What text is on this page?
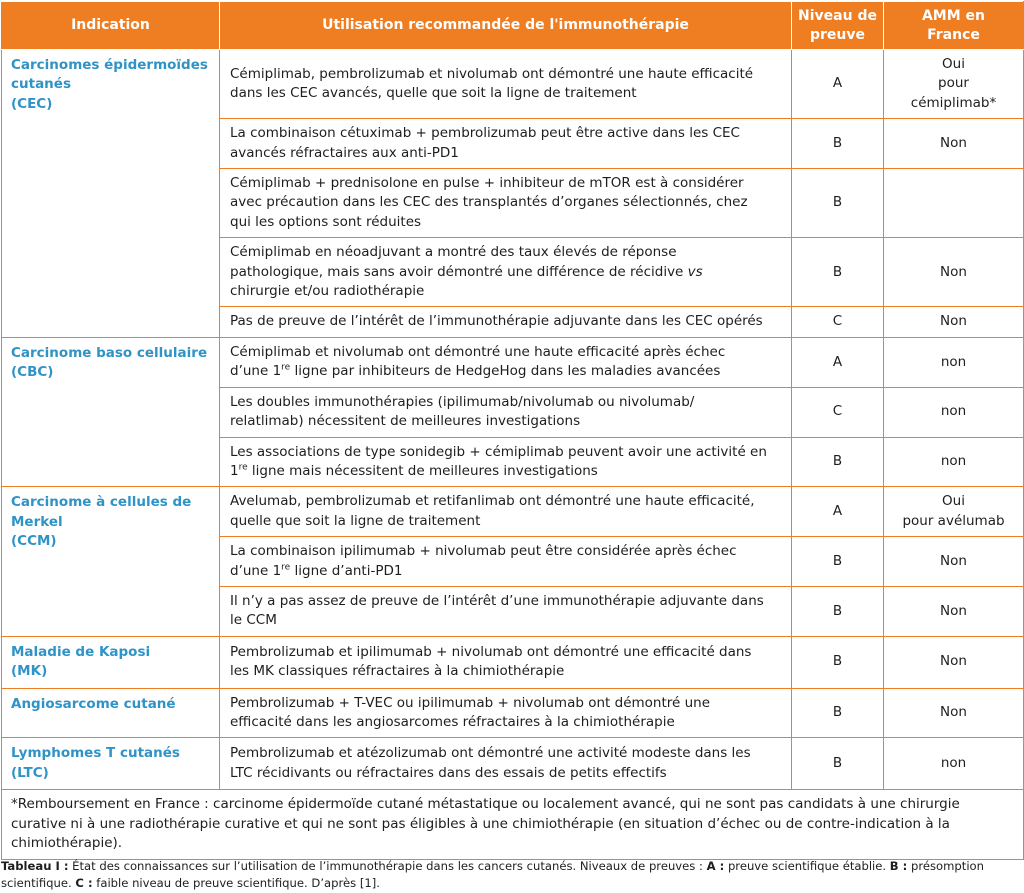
Indication	Utilisation recommandée de l'immunothérapie	Niveau de
preuve	AMM en
France

Carcinomes épidermoïdes
cutanés
(CEC)	Cémiplimab, pembrolizumab et nivolumab ont démontré une haute efficacité
dans les CEC avancés, quelle que soit la ligne de traitement	A	Oui
pour
cémiplimab*

	La combinaison cétuximab + pembrolizumab peut être active dans les CEC
avancés réfractaires aux anti-PD1	B	Non

	Cémiplimab + prednisolone en pulse + inhibiteur de mTOR est à considérer
avec précaution dans les CEC des transplantés d’organes sélectionnés, chez
qui les options sont réduites	B	

	Cémiplimab en néoadjuvant a montré des taux élevés de réponse
pathologique, mais sans avoir démontré une différence de récidive vs
chirurgie et/ou radiothérapie	B	Non

	Pas de preuve de l’intérêt de l’immunothérapie adjuvante dans les CEC opérés	C	Non

Carcinome baso cellulaire
(CBC)	Cémiplimab et nivolumab ont démontré une haute efficacité après échec
d’une 1re ligne par inhibiteurs de HedgeHog dans les maladies avancées	A	non

	Les doubles immunothérapies (ipilimumab/nivolumab ou nivolumab/
relatlimab) nécessitent de meilleures investigations	C	non

	Les associations de type sonidegib + cémiplimab peuvent avoir une activité en
1re ligne mais nécessitent de meilleures investigations	B	non

Carcinome à cellules de
Merkel
(CCM)	Avelumab, pembrolizumab et retifanlimab ont démontré une haute efficacité,
quelle que soit la ligne de traitement	A	Oui
pour avélumab

	La combinaison ipilimumab + nivolumab peut être considérée après échec
d’une 1re ligne d’anti-PD1	B	Non

	Il n’y a pas assez de preuve de l’intérêt d’une immunothérapie adjuvante dans
le CCM	B	Non

Maladie de Kaposi
(MK)	Pembrolizumab et ipilimumab + nivolumab ont démontré une efficacité dans
les MK classiques réfractaires à la chimiothérapie	B	Non

Angiosarcome cutané	Pembrolizumab + T-VEC ou ipilimumab + nivolumab ont démontré une
efficacité dans les angiosarcomes réfractaires à la chimiothérapie	B	Non

Lymphomes T cutanés
(LTC)	Pembrolizumab et atézolizumab ont démontré une activité modeste dans les
LTC récidivants ou réfractaires dans des essais de petits effectifs	B	non

*Remboursement en France : carcinome épidermoïde cutané métastatique ou localement avancé, qui ne sont pas candidats à une chirurgie
curative ni à une radiothérapie curative et qui ne sont pas éligibles à une chimiothérapie (en situation d’échec ou de contre-indication à la
chimiothérapie).			
Tableau I : État des connaissances sur l’utilisation de l’immunothérapie dans les cancers cutanés. Niveaux de preuves : A : preuve scientifique établie. B : présomption
scientifique. C : faible niveau de preuve scientifique. D’après [1].
